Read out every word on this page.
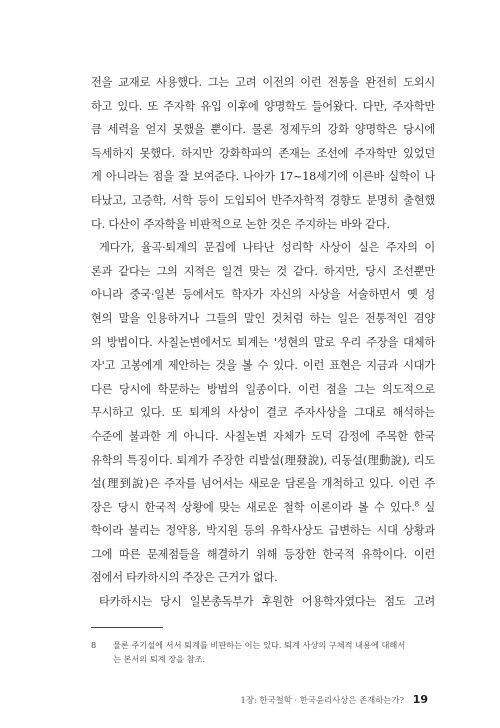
전을 교재로 사용했다. 그는 고려 이전의 이런 전통을 완전히 도외시
하고 있다. 또 주자학 유입 이후에 양명학도 들어왔다. 다만, 주자학만
큼 세력을 얻지 못했을 뿐이다. 물론 정제두의 강화 양명학은 당시에
득세하지 못했다. 하지만 강화학파의 존재는 조선에 주자학만 있었던
게 아니라는 점을 잘 보여준다. 나아가 17~18세기에 이른바 실학이 나
타났고, 고증학, 서학 등이 도입되어 반주자학적 경향도 분명히 출현했
다. 다산이 주자학을 비판적으로 논한 것은 주지하는 바와 같다.
게다가, 율곡·퇴계의 문집에 나타난 성리학 사상이 실은 주자의 이
론과 같다는 그의 지적은 일견 맞는 것 같다. 하지만, 당시 조선뿐만
아니라 중국·일본 등에서도 학자가 자신의 사상을 서술하면서 옛 성
현의 말을 인용하거나 그들의 말인 것처럼 하는 일은 전통적인 겸양
의 방법이다. 사칠논변에서도 퇴계는 '성현의 말로 우리 주장을 대체하
자'고 고봉에게 제안하는 것을 볼 수 있다. 이런 표현은 지금과 시대가
다른 당시에 학문하는 방법의 일종이다. 이런 점을 그는 의도적으로
무시하고 있다. 또 퇴계의 사상이 결코 주자사상을 그대로 해석하는
수준에 불과한 게 아니다. 사칠논변 자체가 도덕 감정에 주목한 한국
유학의 특징이다. 퇴계가 주장한 리발설(理發說), 리동설(理動說), 리도
설(理到說)은 주자를 넘어서는 새로운 담론을 개척하고 있다. 이런 주
장은 당시 한국적 상황에 맞는 새로운 철학 이론이라 볼 수 있다.$^8$ 실
학이라 불리는 정약용, 박지원 등의 유학사상도 급변하는 시대 상황과
그에 따른 문제점들을 해결하기 위해 등장한 한국적 유학이다. 이런
점에서 타카하시의 주장은 근거가 없다.
타카하시는 당시 일본총독부가 후원한 어용학자였다는 점도 고려
8	물론 주기설에 서서 퇴계를 비판하는 이는 있다. 퇴계 사상의 구체적 내용에 대해서
는 본서의 퇴계 장을 참조.
1장: 한국철학 · 한국윤리사상은 존재하는가? 19
